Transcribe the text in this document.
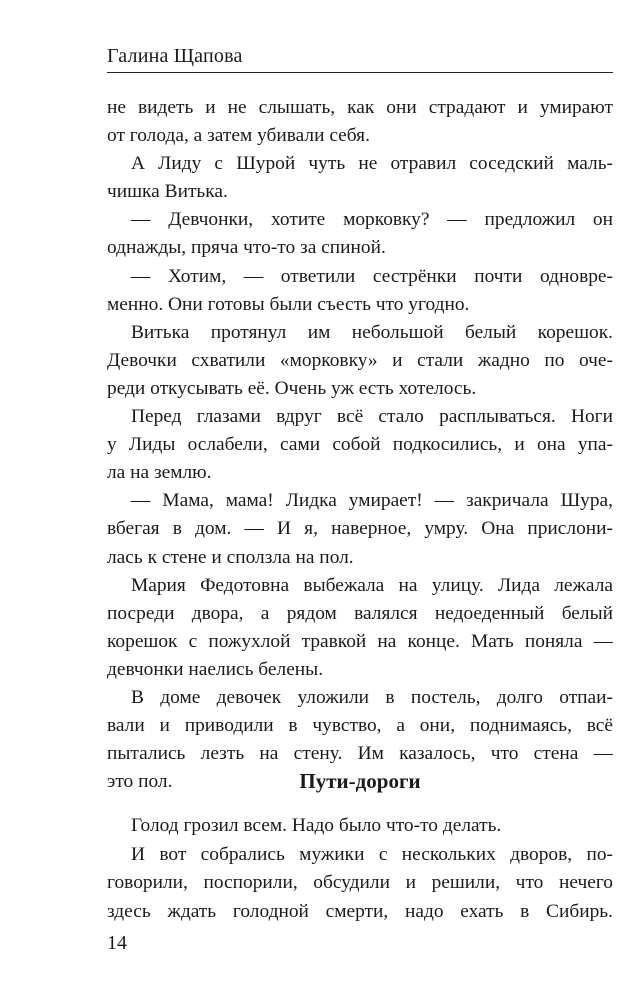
Галина Щапова
не видеть и не слышать, как они страдают и умирают
от голода, а затем убивали себя.
А Лиду с Шурой чуть не отравил соседский маль-
чишка Витька.
— Девчонки, хотите морковку? — предложил он
однажды, пряча что-то за спиной.
— Хотим, — ответили сестрёнки почти одновре-
менно. Они готовы были съесть что угодно.
Витька протянул им небольшой белый корешок.
Девочки схватили «морковку» и стали жадно по оче-
реди откусывать её. Очень уж есть хотелось.
Перед глазами вдруг всё стало расплываться. Ноги
у Лиды ослабели, сами собой подкосились, и она упа-
ла на землю.
— Мама, мама! Лидка умирает! — закричала Шура,
вбегая в дом. — И я, наверное, умру. Она прислони-
лась к стене и сползла на пол.
Мария Федотовна выбежала на улицу. Лида лежала
посреди двора, а рядом валялся недоеденный белый
корешок с пожухлой травкой на конце. Мать поняла —
девчонки наелись белены.
В доме девочек уложили в постель, долго отпаи-
вали и приводили в чувство, а они, поднимаясь, всё
пытались лезть на стену. Им казалось, что стена —
это пол.	Пути-дороги
Голод грозил всем. Надо было что-то делать.
И вот собрались мужики с нескольких дворов, по-
говорили, поспорили, обсудили и решили, что нечего
здесь ждать голодной смерти, надо ехать в Сибирь.
14
